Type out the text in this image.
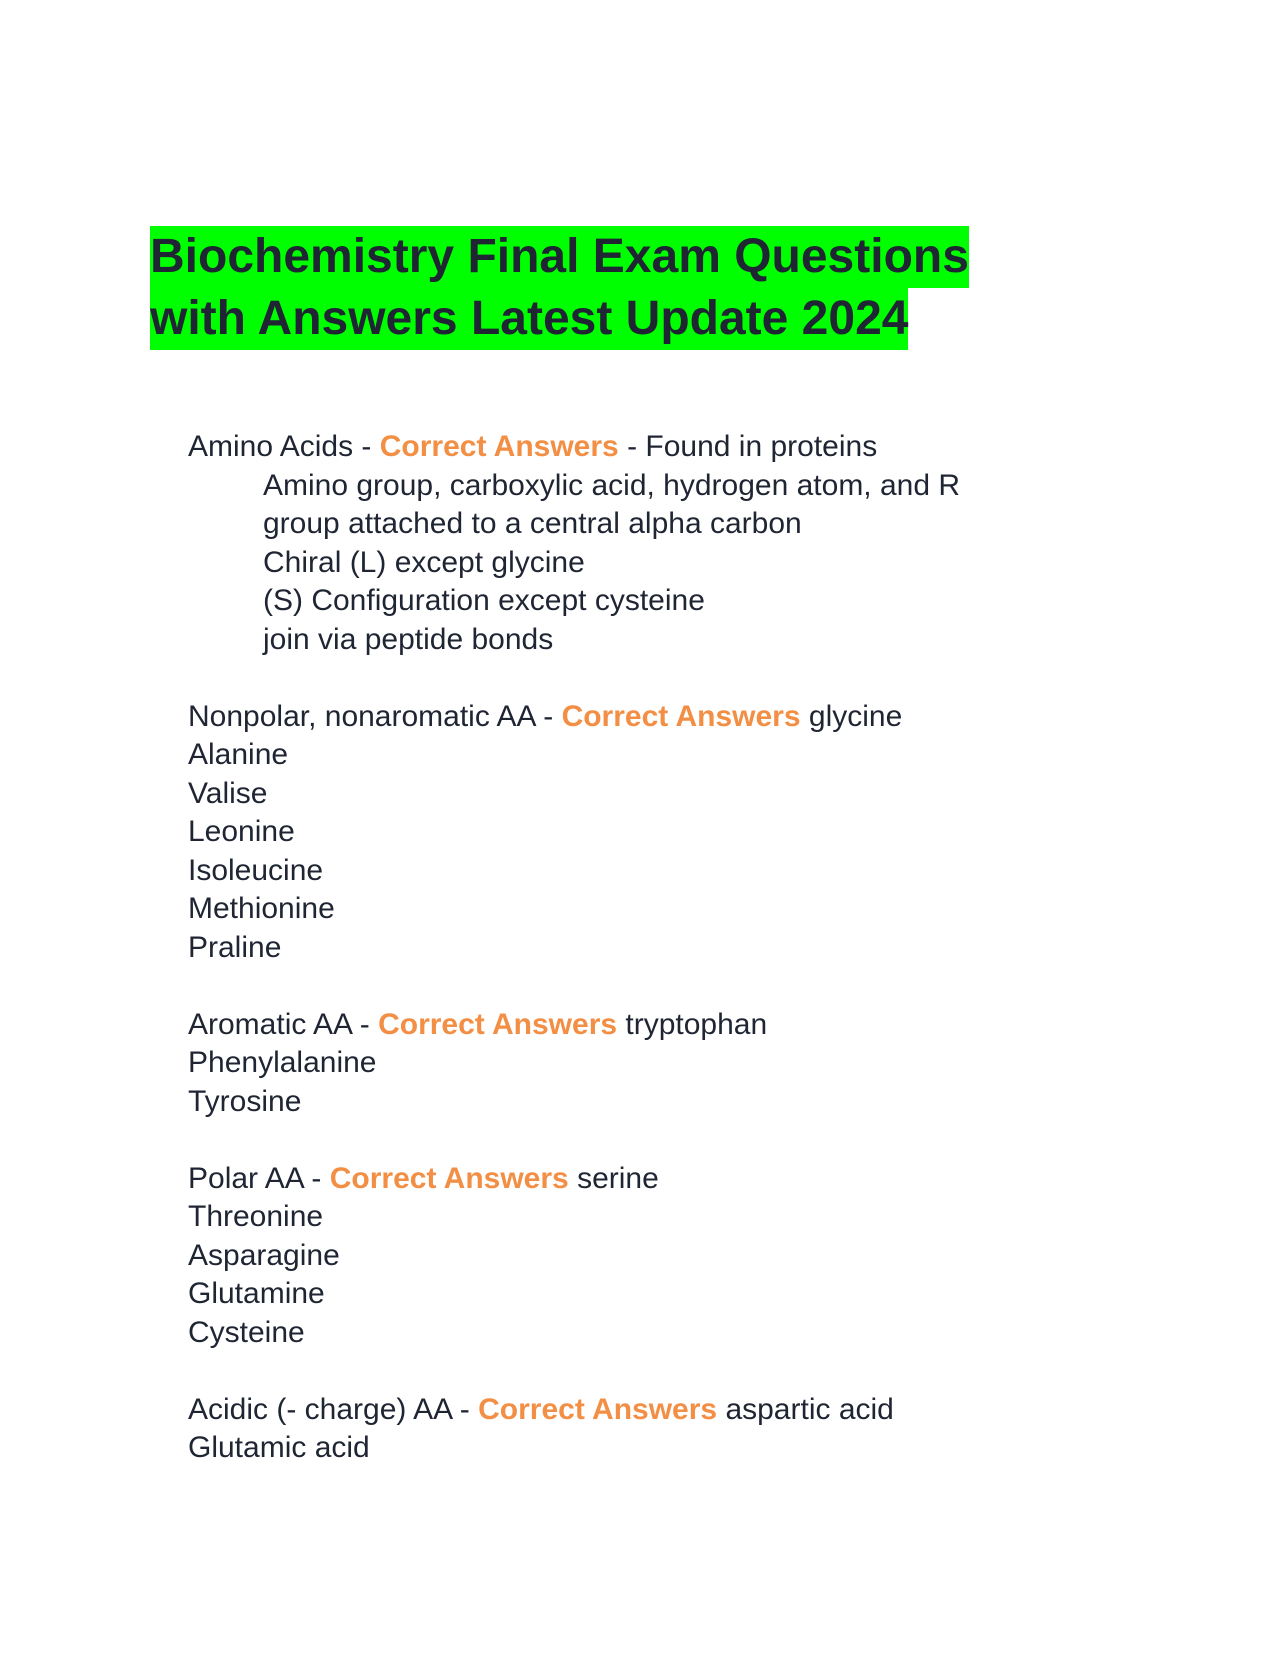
Biochemistry Final Exam Questions
with Answers Latest Update 2024
Amino Acids - Correct Answers - Found in proteins
Amino group, carboxylic acid, hydrogen atom, and R
group attached to a central alpha carbon
Chiral (L) except glycine
(S) Configuration except cysteine
join via peptide bonds
Nonpolar, nonaromatic AA - Correct Answers glycine
Alanine
Valise
Leonine
Isoleucine
Methionine
Praline
Aromatic AA - Correct Answers tryptophan
Phenylalanine
Tyrosine
Polar AA - Correct Answers serine
Threonine
Asparagine
Glutamine
Cysteine
Acidic (- charge) AA - Correct Answers aspartic acid
Glutamic acid
